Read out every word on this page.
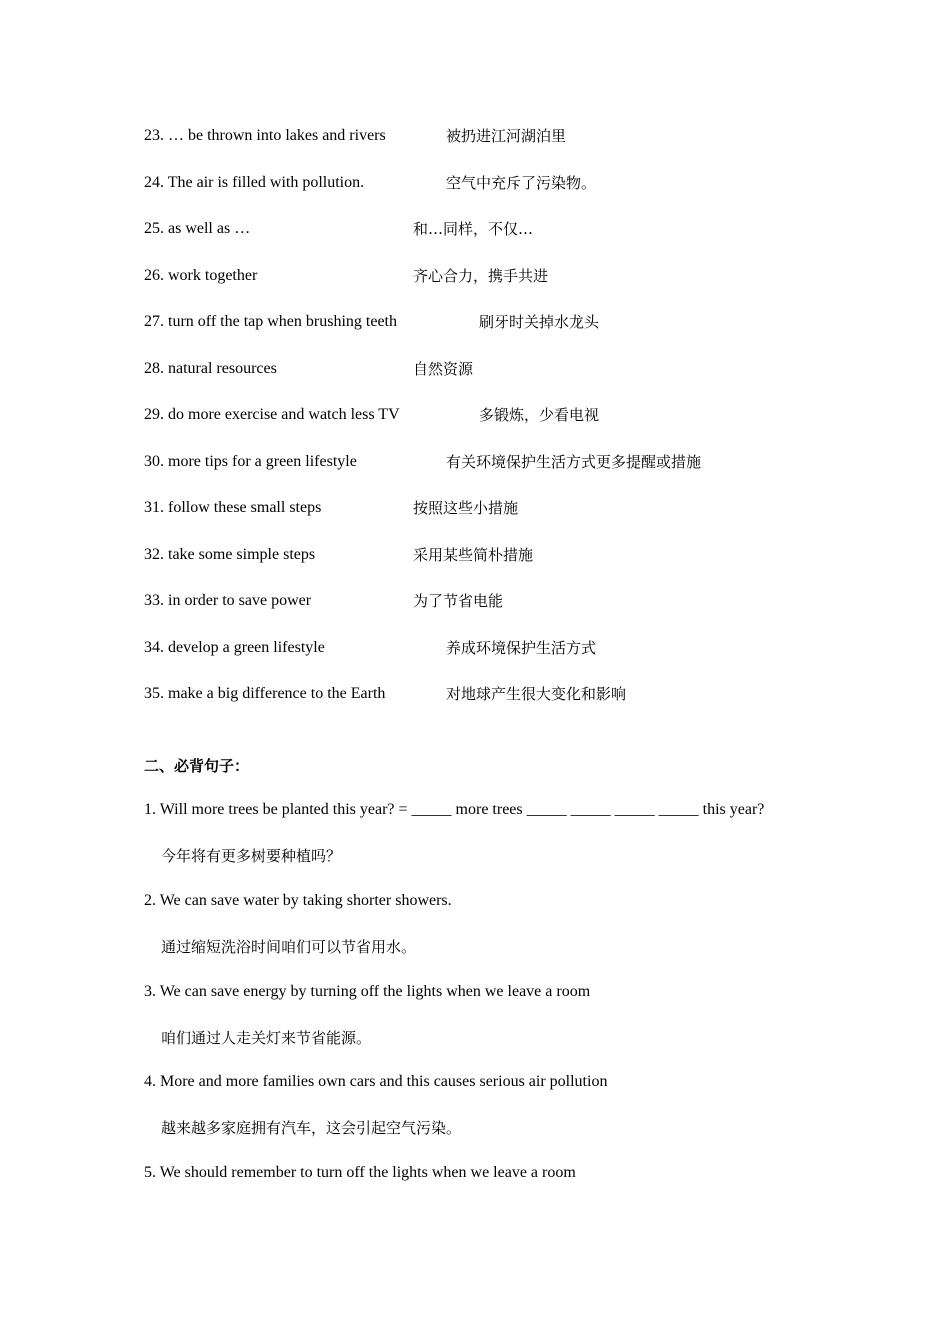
23. … be thrown into lakes and rivers	被扔进江河湖泊里
24. The air is filled with pollution.	空气中充斥了污染物。
25. as well as …	和…同样，不仅…
26. work together	齐心合力，携手共进
27. turn off the tap when brushing teeth	刷牙时关掉水龙头
28. natural resources	自然资源
29. do more exercise and watch less TV	多锻炼，少看电视
30. more tips for a green lifestyle	有关环境保护生活方式更多提醒或措施
31. follow these small steps	按照这些小措施
32. take some simple steps	采用某些简朴措施
33. in order to save power	为了节省电能
34. develop a green lifestyle	养成环境保护生活方式
35. make a big difference to the Earth	对地球产生很大变化和影响
二、必背句子：
1. Will more trees be planted this year? = _____ more trees _____ _____ _____ _____ this year?
今年将有更多树要种植吗？
2. We can save water by taking shorter showers.
通过缩短洗浴时间咱们可以节省用水。
3. We can save energy by turning off the lights when we leave a room
咱们通过人走关灯来节省能源。
4. More and more families own cars and this causes serious air pollution
越来越多家庭拥有汽车，这会引起空气污染。
5. We should remember to turn off the lights when we leave a room
